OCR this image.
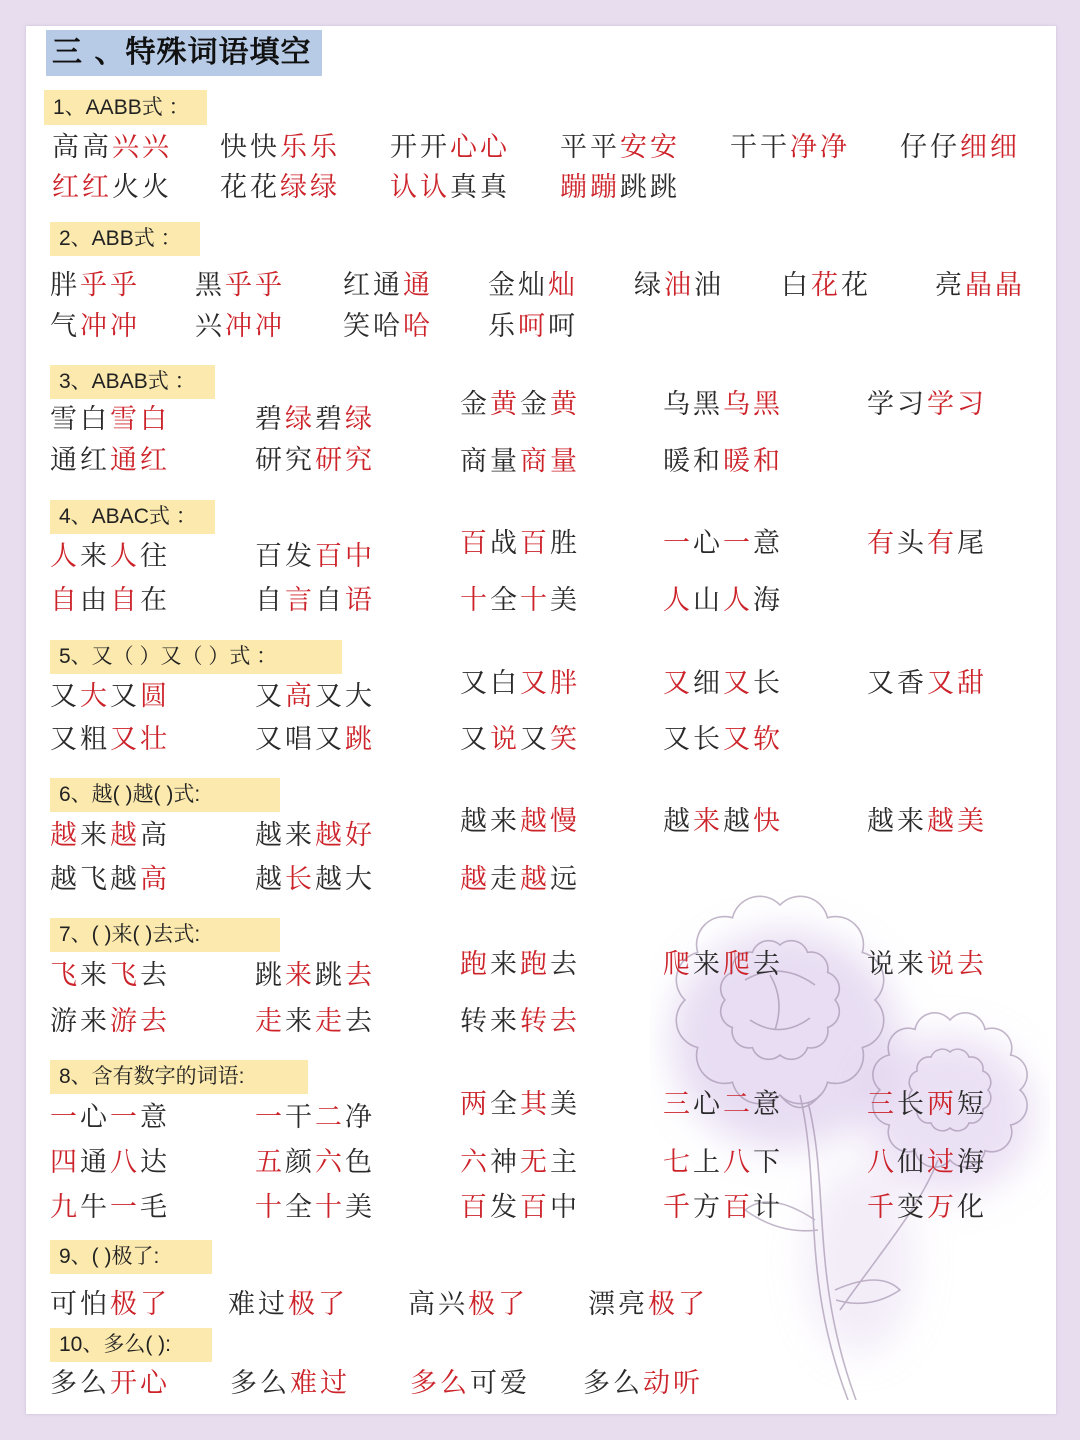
三 、特殊词语填空
1、AABB式 ：
2、ABB式 ：
3、ABAB式 ：
4、ABAC式 ：
5、又（ ）又（ ）式 ：
6、越( )越( )式:
7、( )来( )去式:
8、含有数字的词语:
9、( )极了:
10、多么( ):
高高兴兴 快快乐乐 开开心心 平平安安 干干净净 仔仔细细
红红火火 花花绿绿 认认真真 蹦蹦跳跳
胖乎乎 黑乎乎 红通通 金灿灿 绿油油 白花花 亮晶晶
气冲冲 兴冲冲 笑哈哈 乐呵呵
雪白雪白	碧绿碧绿	金黄金黄	乌黑乌黑	学习学习
通红通红	研究研究	商量商量	暖和暖和
人来人往	百发百中	百战百胜	一心一意	有头有尾
自由自在	自言自语	十全十美	人山人海
又大又圆	又高又大	又白又胖	又细又长	又香又甜
又粗又壮	又唱又跳	又说又笑	又长又软
越来越高	越来越好	越来越慢	越来越快	越来越美
越飞越高	越长越大	越走越远
飞来飞去	跳来跳去	跑来跑去	爬来爬去	说来说去
游来游去	走来走去	转来转去
一心一意	一干二净	两全其美	三心二意	三长两短
四通八达	五颜六色	六神无主	七上八下	八仙过海
九牛一毛	十全十美	百发百中	千方百计	千变万化
可怕极了 难过极了 高兴极了 漂亮极了
多么开心 多么难过 多么可爱 多么动听
